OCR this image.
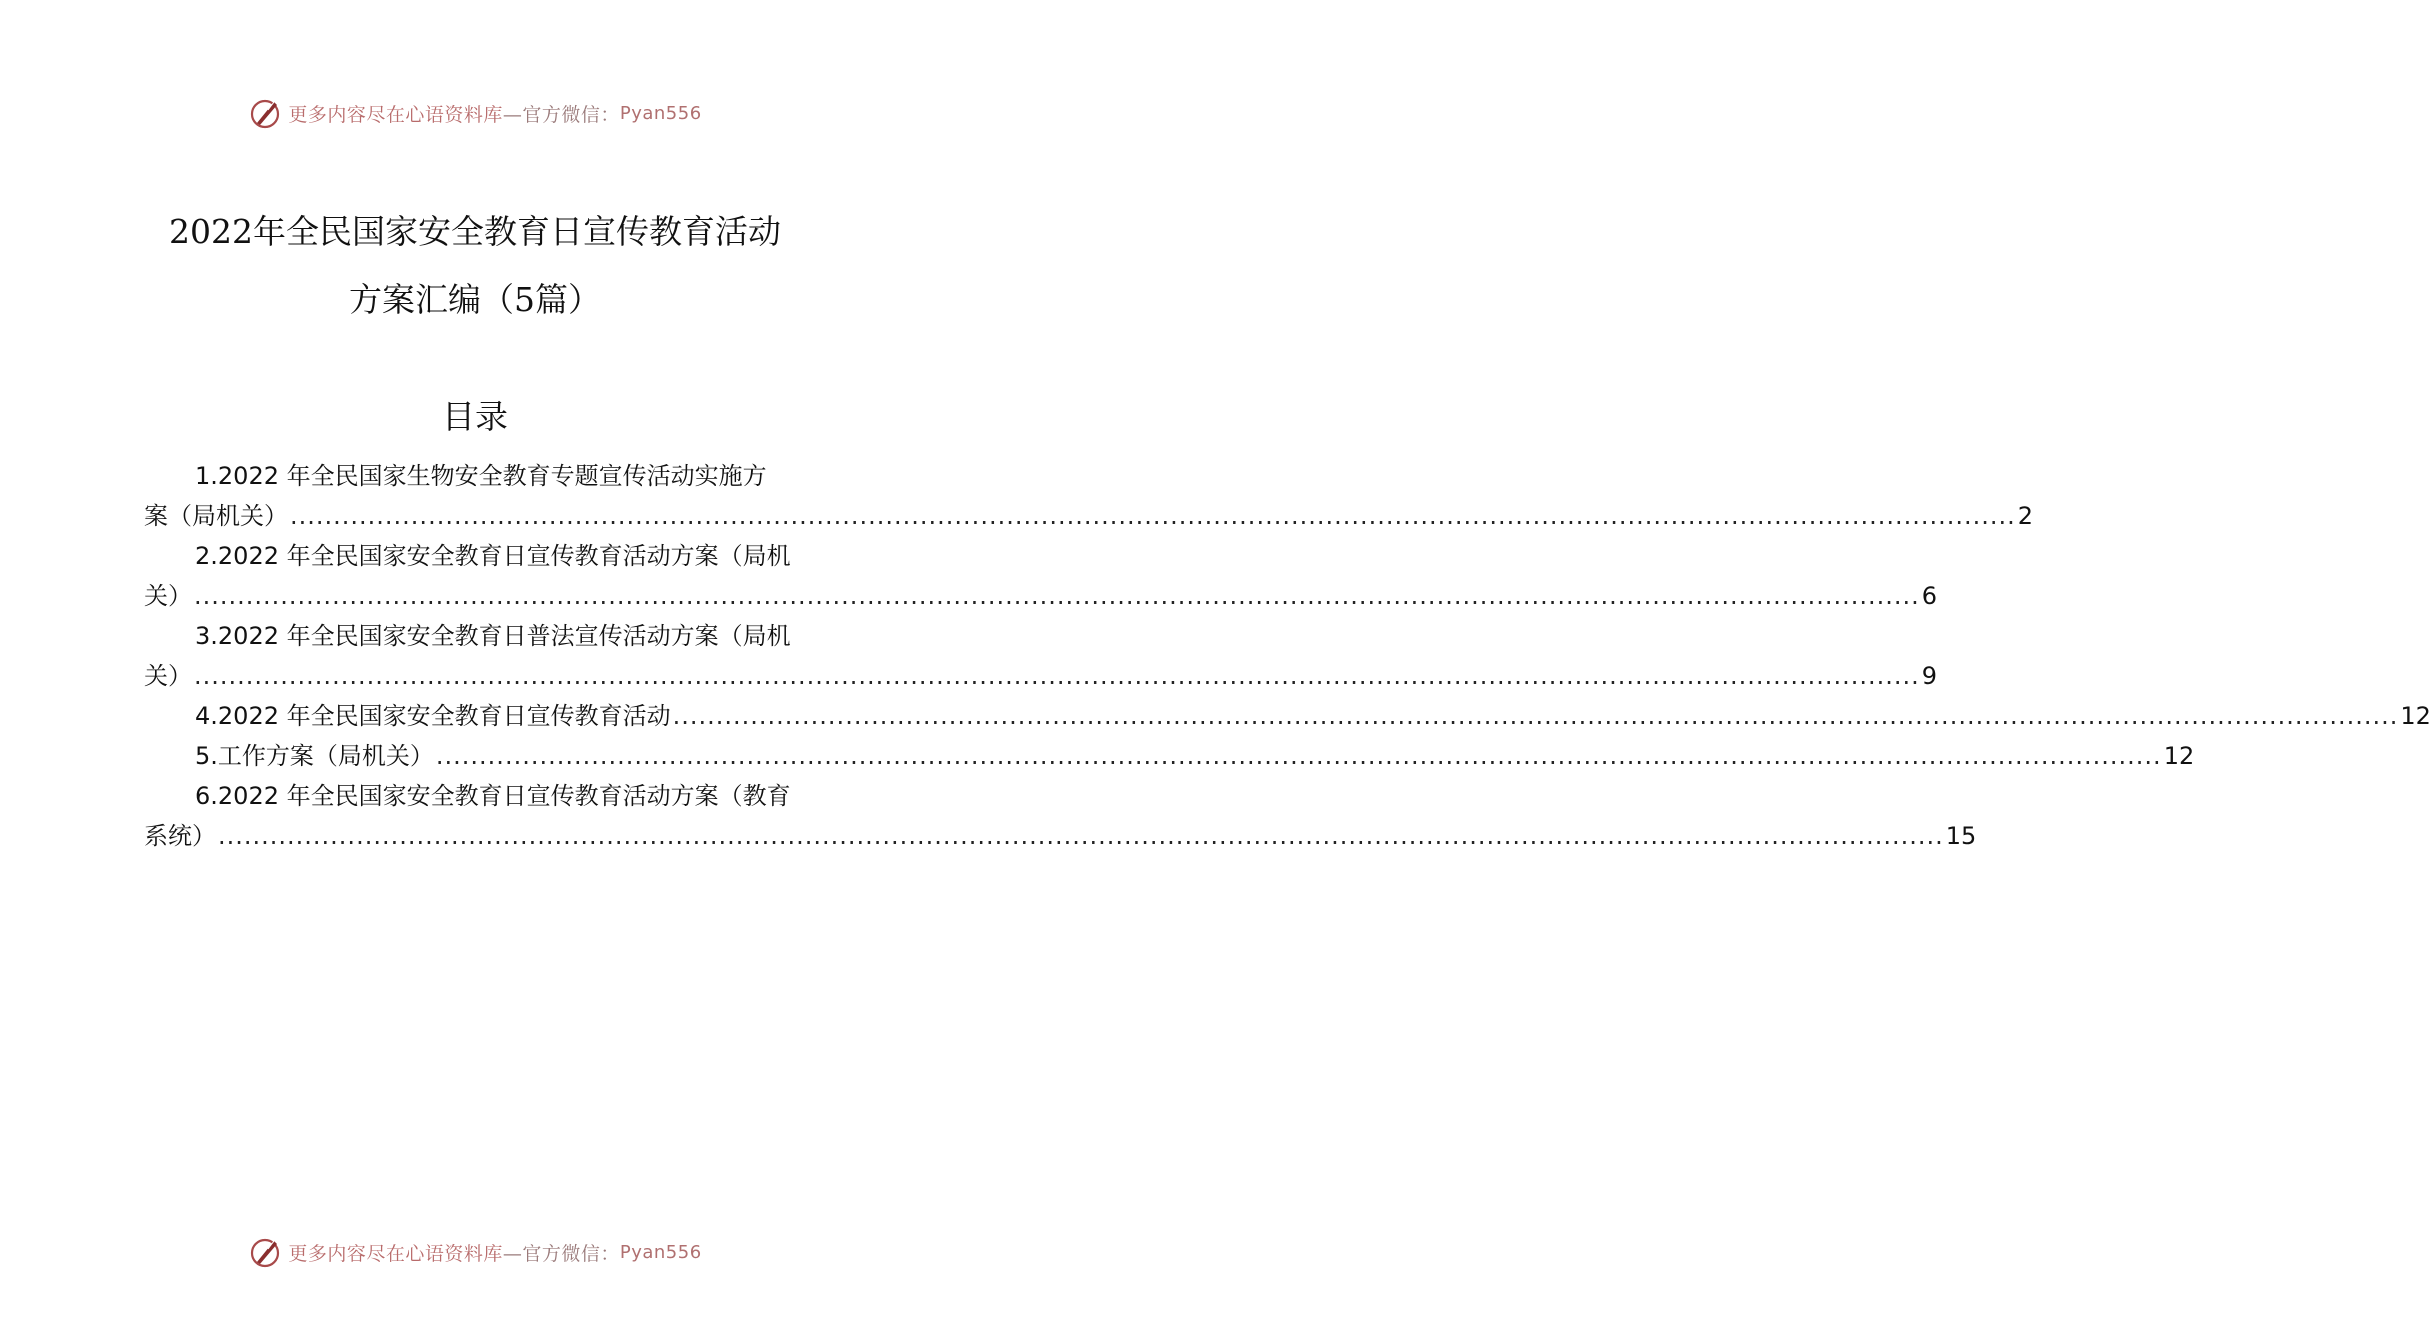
更多内容尽在心语资料库 —官方微信： Pyan556
2022年全民国家安全教育日宣传教育活动
方案汇编（5篇）
目录
1.2022 年全民国家生物安全教育专题宣传活动实施方
案（局机关） ........................................................................................................................................................................................................ 2
2.2022 年全民国家安全教育日宣传教育活动方案（局机
关） ........................................................................................................................................................................................................ 6
3.2022 年全民国家安全教育日普法宣传活动方案（局机
关） ........................................................................................................................................................................................................ 9
4.2022 年全民国家安全教育日宣传教育活动 ........................................................................................................................................................................................................ 12
5.工作方案（局机关） ........................................................................................................................................................................................................ 12
6.2022 年全民国家安全教育日宣传教育活动方案（教育
系统） ........................................................................................................................................................................................................ 15
更多内容尽在心语资料库 —官方微信： Pyan556
